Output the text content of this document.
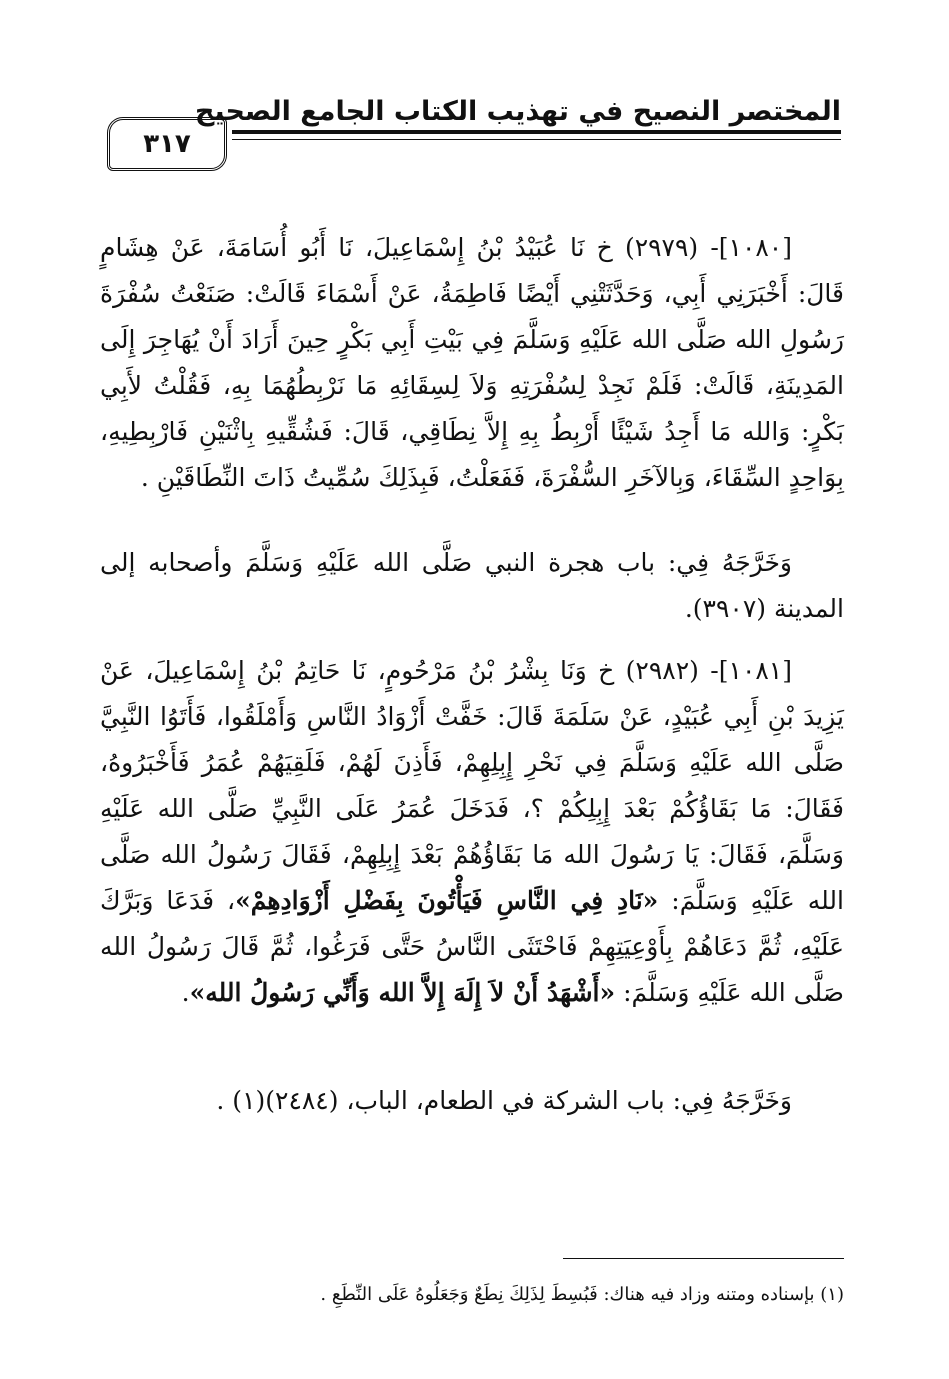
المختصر النصيح في تهذيب الكتاب الجامع الصحيح
٣١٧

[١٠٨٠]- (٢٩٧٩) خ نَا عُبَيْدُ بْنُ إِسْمَاعِيلَ، نَا أَبُو أُسَامَةَ، عَنْ هِشَامٍ قَالَ: أَخْبَرَنِي أَبِي، وَحَدَّثَتْنِي أَيْضًا فَاطِمَةُ، عَنْ أَسْمَاءَ قَالَتْ: صَنَعْتُ سُفْرَةَ رَسُولِ الله صَلَّى الله عَلَيْهِ وَسَلَّمَ فِي بَيْتِ أَبِي بَكْرٍ حِينَ أَرَادَ أَنْ يُهَاجِرَ إِلَى المَدِينَةِ، قَالَتْ: فَلَمْ نَجِدْ لِسُفْرَتِهِ وَلاَ لِسِقَائِهِ مَا نَرْبِطُهُمَا بِهِ، فَقُلْتُ لأَبِي بَكْرٍ: وَالله مَا أَجِدُ شَيْئًا أَرْبِطُ بِهِ إِلاَّ نِطَاقِي، قَالَ: فَشُقِّيهِ بِاثْنَيْنِ فَارْبِطِيهِ، بِوَاحِدٍ السِّقَاءَ، وَبِالآخَرِ السُّفْرَةَ، فَفَعَلْتُ، فَبِذَلِكَ سُمِّيتُ ذَاتَ النِّطَاقَيْنِ .

وَخَرَّجَهُ فِي: باب هجرة النبي صَلَّى الله عَلَيْهِ وَسَلَّمَ وأصحابه إلى المدينة (٣٩٠٧).

[١٠٨١]- (٢٩٨٢) خ وَنَا بِشْرُ بْنُ مَرْحُومٍ، نَا حَاتِمُ بْنُ إِسْمَاعِيلَ، عَنْ يَزِيدَ بْنِ أَبِي عُبَيْدٍ، عَنْ سَلَمَةَ قَالَ: خَفَّتْ أَزْوَادُ النَّاسِ وَأَمْلَقُوا، فَأَتَوُا النَّبِيَّ صَلَّى الله عَلَيْهِ وَسَلَّمَ فِي نَحْرِ إِبِلِهِمْ، فَأَذِنَ لَهُمْ، فَلَقِيَهُمْ عُمَرُ فَأَخْبَرُوهُ، فَقَالَ: مَا بَقَاؤُكُمْ بَعْدَ إِبِلِكُمْ ؟، فَدَخَلَ عُمَرُ عَلَى النَّبِيِّ صَلَّى الله عَلَيْهِ وَسَلَّمَ، فَقَالَ: يَا رَسُولَ الله مَا بَقَاؤُهُمْ بَعْدَ إِبِلِهِمْ، فَقَالَ رَسُولُ الله صَلَّى الله عَلَيْهِ وَسَلَّمَ: «نَادِ فِي النَّاسِ فَيَأْتُونَ بِفَضْلِ أَزْوَادِهِمْ»، فَدَعَا وَبَرَّكَ عَلَيْهِ، ثُمَّ دَعَاهُمْ بِأَوْعِيَتِهِمْ فَاحْتَثَى النَّاسُ حَتَّى فَرَغُوا، ثُمَّ قَالَ رَسُولُ الله صَلَّى الله عَلَيْهِ وَسَلَّمَ: «أَشْهَدُ أَنْ لاَ إِلَهَ إِلاَّ الله وَأَنِّي رَسُولُ الله».

وَخَرَّجَهُ فِي: باب الشركة في الطعام، الباب، (٢٤٨٤)(١) .

(١) بإسناده ومتنه وزاد فيه هناك: فَبُسِطَ لِذَلِكَ نِطَعٌ وَجَعَلُوهُ عَلَى النِّطَعِ .
